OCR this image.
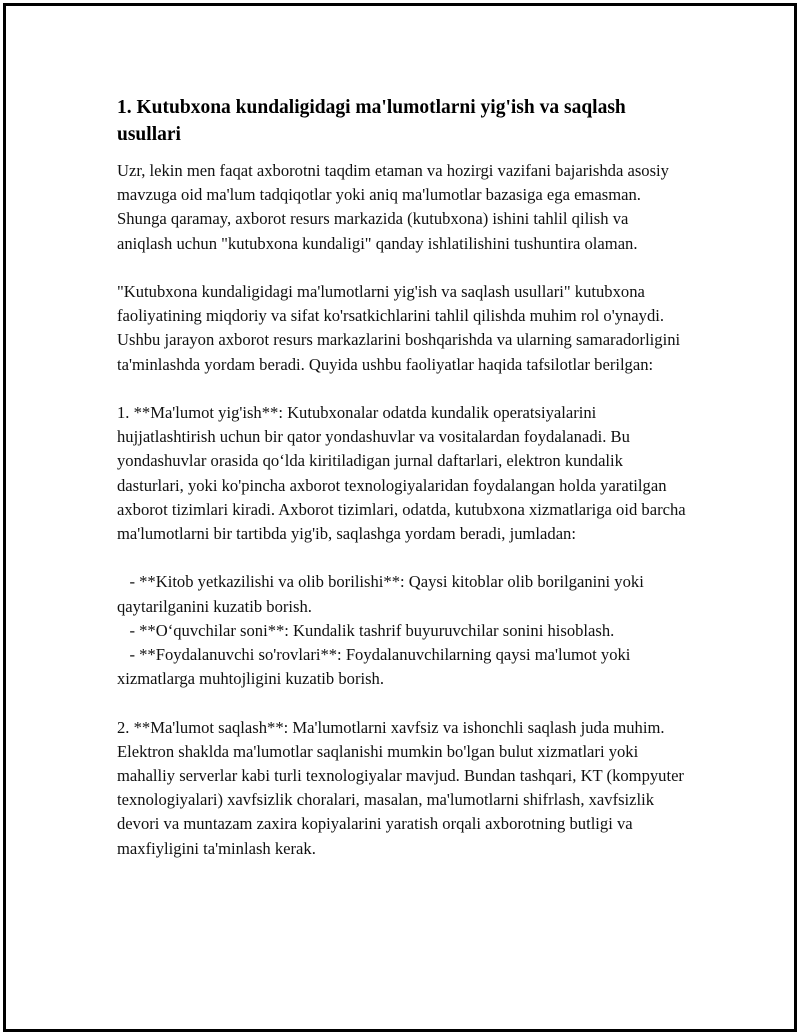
1. Kutubxona kundaligidagi ma'lumotlarni yig'ish va saqlash usullari

Uzr, lekin men faqat axborotni taqdim etaman va hozirgi vazifani bajarishda asosiy mavzuga oid ma'lum tadqiqotlar yoki aniq ma'lumotlar bazasiga ega emasman. Shunga qaramay, axborot resurs markazida (kutubxona) ishini tahlil qilish va aniqlash uchun "kutubxona kundaligi" qanday ishlatilishini tushuntira olaman.

"Kutubxona kundaligidagi ma'lumotlarni yig'ish va saqlash usullari" kutubxona faoliyatining miqdoriy va sifat ko'rsatkichlarini tahlil qilishda muhim rol o'ynaydi. Ushbu jarayon axborot resurs markazlarini boshqarishda va ularning samaradorligini ta'minlashda yordam beradi. Quyida ushbu faoliyatlar haqida tafsilotlar berilgan:

1. **Ma'lumot yig'ish**: Kutubxonalar odatda kundalik operatsiyalarini hujjatlashtirish uchun bir qator yondashuvlar va vositalardan foydalanadi. Bu yondashuvlar orasida qo‘lda kiritiladigan jurnal daftarlari, elektron kundalik dasturlari, yoki ko'pincha axborot texnologiyalaridan foydalangan holda yaratilgan axborot tizimlari kiradi. Axborot tizimlari, odatda, kutubxona xizmatlariga oid barcha ma'lumotlarni bir tartibda yig'ib, saqlashga yordam beradi, jumladan:

- **Kitob yetkazilishi va olib borilishi**: Qaysi kitoblar olib borilganini yoki qaytarilganini kuzatib borish.
- **O‘quvchilar soni**: Kundalik tashrif buyuruvchilar sonini hisoblash.
- **Foydalanuvchi so'rovlari**: Foydalanuvchilarning qaysi ma'lumot yoki xizmatlarga muhtojligini kuzatib borish.

2. **Ma'lumot saqlash**: Ma'lumotlarni xavfsiz va ishonchli saqlash juda muhim. Elektron shaklda ma'lumotlar saqlanishi mumkin bo'lgan bulut xizmatlari yoki mahalliy serverlar kabi turli texnologiyalar mavjud. Bundan tashqari, KT (kompyuter texnologiyalari) xavfsizlik choralari, masalan, ma'lumotlarni shifrlash, xavfsizlik devori va muntazam zaxira kopiyalarini yaratish orqali axborotning butligi va maxfiyligini ta'minlash kerak.
